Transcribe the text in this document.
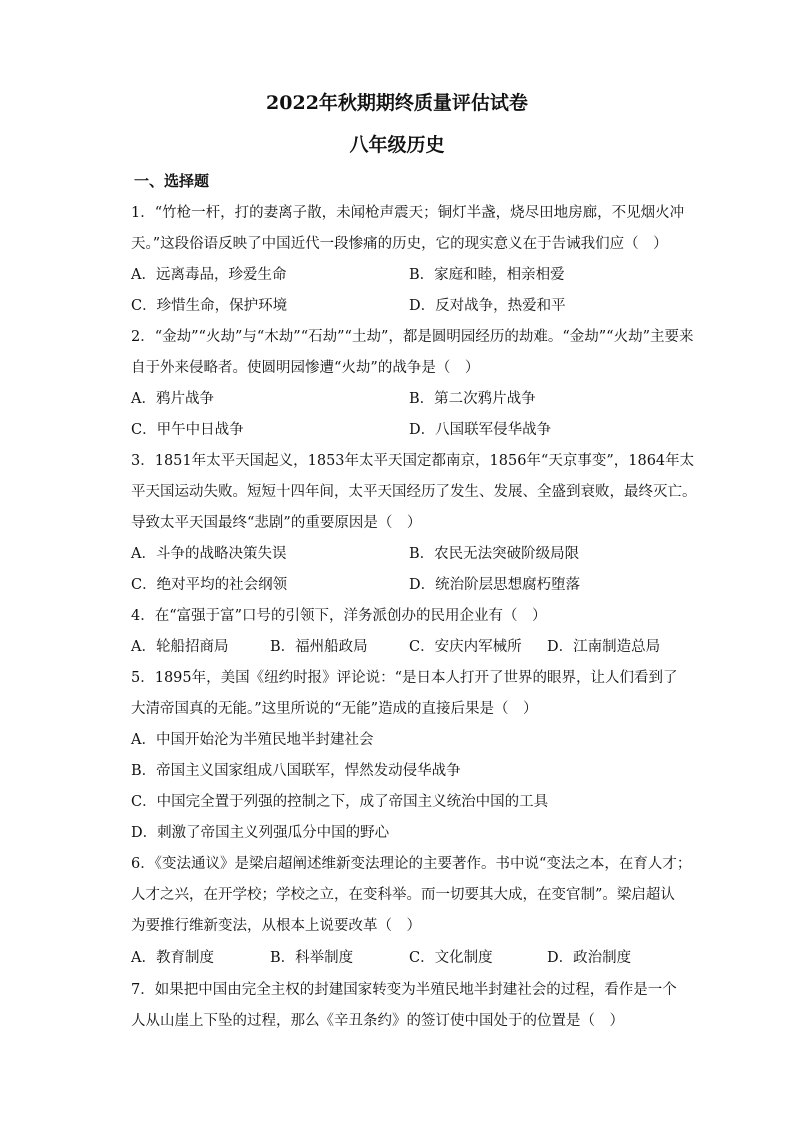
2022年秋期期终质量评估试卷
八年级历史
一、选择题
1．“竹枪一杆，打的妻离子散，未闻枪声震天；铜灯半盏，烧尽田地房廊，不见烟火冲
天。”这段俗语反映了中国近代一段惨痛的历史，它的现实意义在于告诫我们应（　）
A．远离毒品，珍爱生命	B．家庭和睦，相亲相爱
C．珍惜生命，保护环境	D．反对战争，热爱和平
2．“金劫”“火劫”与“木劫”“石劫”“土劫”，都是圆明园经历的劫难。“金劫”“火劫”主要来
自于外来侵略者。使圆明园惨遭“火劫”的战争是（　）
A．鸦片战争	B．第二次鸦片战争
C．甲午中日战争	D．八国联军侵华战争
3．1851年太平天国起义，1853年太平天国定都南京，1856年“天京事变”，1864年太
平天国运动失败。短短十四年间，太平天国经历了发生、发展、全盛到衰败，最终灭亡。
导致太平天国最终“悲剧”的重要原因是（　）
A．斗争的战略决策失误	B．农民无法突破阶级局限
C．绝对平均的社会纲领	D．统治阶层思想腐朽堕落
4．在“富强于富”口号的引领下，洋务派创办的民用企业有（　）
A．轮船招商局	B．福州船政局	C．安庆内军械所 D．江南制造总局
5．1895年，美国《纽约时报》评论说：“是日本人打开了世界的眼界，让人们看到了
大清帝国真的无能。”这里所说的“无能”造成的直接后果是（　）
A．中国开始沦为半殖民地半封建社会
B．帝国主义国家组成八国联军，悍然发动侵华战争
C．中国完全置于列强的控制之下，成了帝国主义统治中国的工具
D．刺激了帝国主义列强瓜分中国的野心
6．《变法通议》是梁启超阐述维新变法理论的主要著作。书中说“变法之本，在育人才；
人才之兴，在开学校；学校之立，在变科举。而一切要其大成，在变官制”。梁启超认
为要推行维新变法，从根本上说要改革（　）
A．教育制度	B．科举制度	C．文化制度	D．政治制度
7．如果把中国由完全主权的封建国家转变为半殖民地半封建社会的过程，看作是一个
人从山崖上下坠的过程，那么《辛丑条约》的签订使中国处于的位置是（　）
